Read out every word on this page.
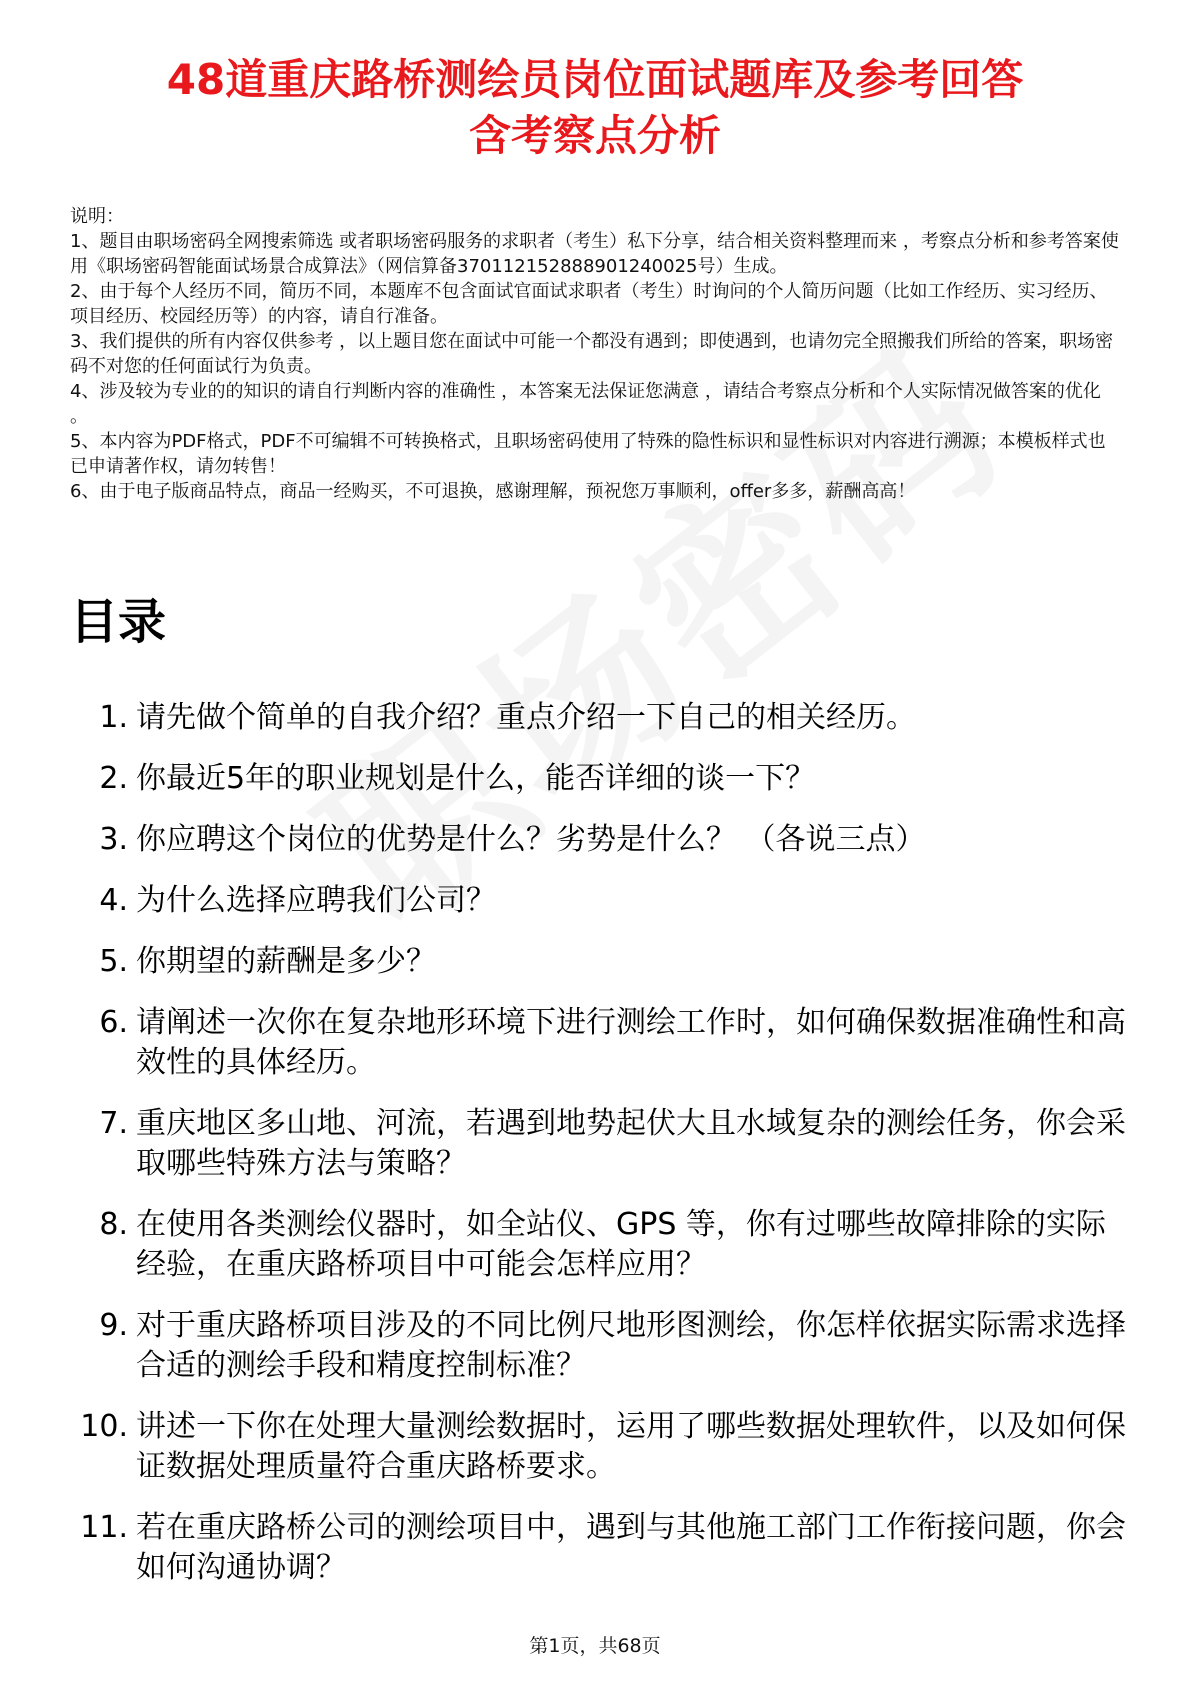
48道重庆路桥测绘员岗位面试题库及参考回答
含考察点分析

说明：

1、题目由职场密码全网搜索筛选 或者职场密码服务的求职者（考生）私下分享，结合相关资料整理而来 ，考察点分析和参考答案使用《职场密码智能面试场景合成算法》（网信算备370112152888901240025号）生成。

2、由于每个人经历不同，简历不同，本题库不包含面试官面试求职者（考生）时询问的个人简历问题（比如工作经历、实习经历、项目经历、校园经历等）的内容，请自行准备。

3、我们提供的所有内容仅供参考 ，以上题目您在面试中可能一个都没有遇到；即使遇到，也请勿完全照搬我们所给的答案，职场密码不对您的任何面试行为负责。

4、涉及较为专业的的知识的请自行判断内容的准确性 ，本答案无法保证您满意 ，请结合考察点分析和个人实际情况做答案的优化 。

5、本内容为PDF格式，PDF不可编辑不可转换格式，且职场密码使用了特殊的隐性标识和显性标识对内容进行溯源；本模板样式也已申请著作权，请勿转售！

6、由于电子版商品特点，商品一经购买，不可退换，感谢理解，预祝您万事顺利，offer多多，薪酬高高！

目录
1. 请先做个简单的自我介绍？重点介绍一下自己的相关经历。
2. 你最近5年的职业规划是什么，能否详细的谈一下？
3. 你应聘这个岗位的优势是什么？劣势是什么？ （各说三点）
4. 为什么选择应聘我们公司？
5. 你期望的薪酬是多少？
6. 请阐述一次你在复杂地形环境下进行测绘工作时，如何确保数据准确性和高效性的具体经历。
7. 重庆地区多山地、河流，若遇到地势起伏大且水域复杂的测绘任务，你会采取哪些特殊方法与策略？
8. 在使用各类测绘仪器时，如全站仪、GPS 等，你有过哪些故障排除的实际经验，在重庆路桥项目中可能会怎样应用？
9. 对于重庆路桥项目涉及的不同比例尺地形图测绘，你怎样依据实际需求选择合适的测绘手段和精度控制标准？
10. 讲述一下你在处理大量测绘数据时，运用了哪些数据处理软件，以及如何保证数据处理质量符合重庆路桥要求。
11. 若在重庆路桥公司的测绘项目中，遇到与其他施工部门工作衔接问题，你会如何沟通协调？
第1页，共68页
